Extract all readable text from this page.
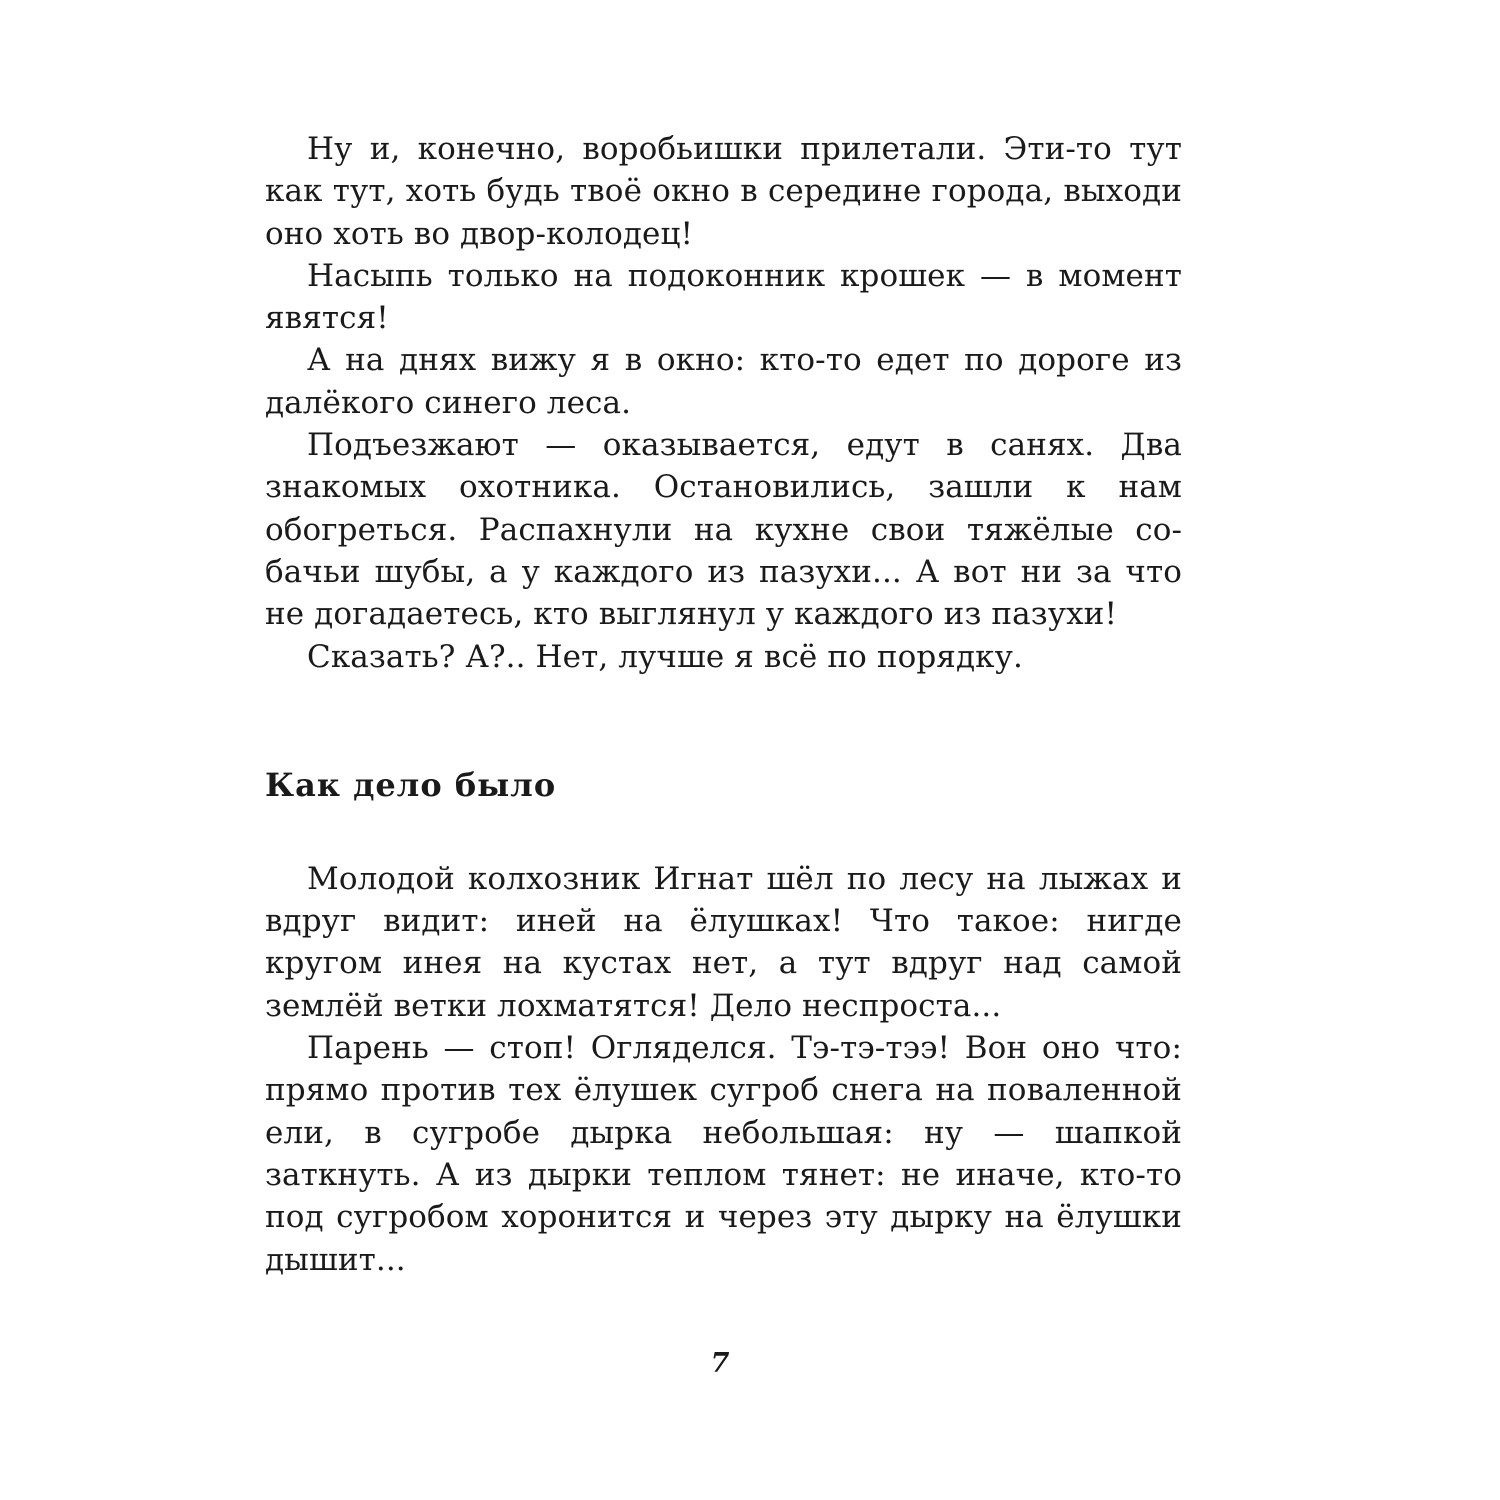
Ну и, конечно, воробьишки прилетали. Эти-то тут как тут, хоть будь твоё окно в середине города, выходи оно хоть во двор-колодец!

Насыпь только на подоконник крошек — в момент явятся!

А на днях вижу я в окно: кто-то едет по дороге из далёкого синего леса.

Подъезжают — оказывается, едут в санях. Два знакомых охотника. Остановились, зашли к нам обогреться. Распахнули на кухне свои тяжёлые собачьи шубы, а у каждого из пазухи... А вот ни за что не догадаетесь, кто выглянул у каждого из пазухи!

Сказать? А?.. Нет, лучше я всё по порядку.

Как дело было

Молодой колхозник Игнат шёл по лесу на лыжах и вдруг видит: иней на ёлушках! Что такое: нигде кругом инея на кустах нет, а тут вдруг над самой землёй ветки лохматятся! Дело неспроста...

Парень — стоп! Огляделся. Тэ-тэ-тээ! Вон оно что: прямо против тех ёлушек сугроб снега на поваленной ели, в сугробе дырка небольшая: ну — шапкой заткнуть. А из дырки теплом тянет: не иначе, кто-то под сугробом хоронится и через эту дырку на ёлушки дышит...

7
